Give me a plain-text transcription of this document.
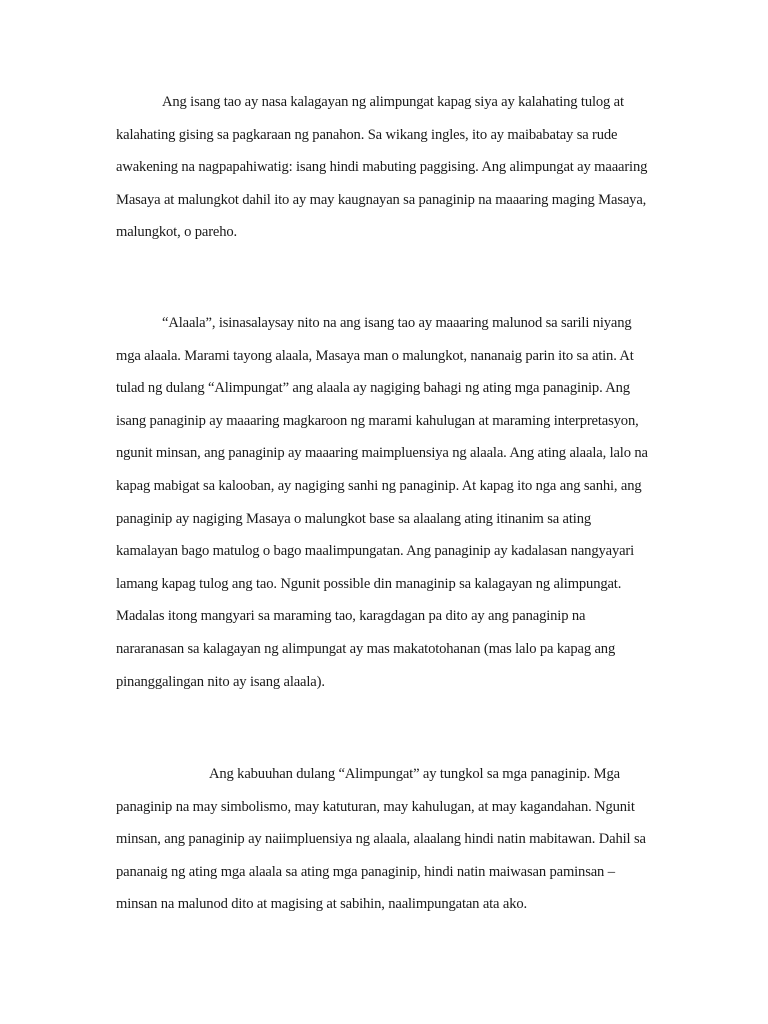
Ang isang tao ay nasa kalagayan ng alimpungat kapag siya ay kalahating tulog at
kalahating gising sa pagkaraan ng panahon. Sa wikang ingles, ito ay maibabatay sa rude
awakening na nagpapahiwatig: isang hindi mabuting paggising. Ang alimpungat ay maaaring
Masaya at malungkot dahil ito ay may kaugnayan sa panaginip na maaaring maging Masaya,
malungkot, o pareho.
“Alaala”, isinasalaysay nito na ang isang tao ay maaaring malunod sa sarili niyang
mga alaala. Marami tayong alaala, Masaya man o malungkot, nananaig parin ito sa atin. At
tulad ng dulang “Alimpungat” ang alaala ay nagiging bahagi ng ating mga panaginip. Ang
isang panaginip ay maaaring magkaroon ng marami kahulugan at maraming interpretasyon,
ngunit minsan, ang panaginip ay maaaring maimpluensiya ng alaala. Ang ating alaala, lalo na
kapag mabigat sa kalooban, ay nagiging sanhi ng panaginip. At kapag ito nga ang sanhi, ang
panaginip ay nagiging Masaya o malungkot base sa alaalang ating itinanim sa ating
kamalayan bago matulog o bago maalimpungatan. Ang panaginip ay kadalasan nangyayari
lamang kapag tulog ang tao. Ngunit possible din managinip sa kalagayan ng alimpungat.
Madalas itong mangyari sa maraming tao, karagdagan pa dito ay ang panaginip na
nararanasan sa kalagayan ng alimpungat ay mas makatotohanan (mas lalo pa kapag ang
pinanggalingan nito ay isang alaala).
Ang kabuuhan dulang “Alimpungat” ay tungkol sa mga panaginip. Mga
panaginip na may simbolismo, may katuturan, may kahulugan, at may kagandahan. Ngunit
minsan, ang panaginip ay naiimpluensiya ng alaala, alaalang hindi natin mabitawan. Dahil sa
pananaig ng ating mga alaala sa ating mga panaginip, hindi natin maiwasan paminsan –
minsan na malunod dito at magising at sabihin, naalimpungatan ata ako.
